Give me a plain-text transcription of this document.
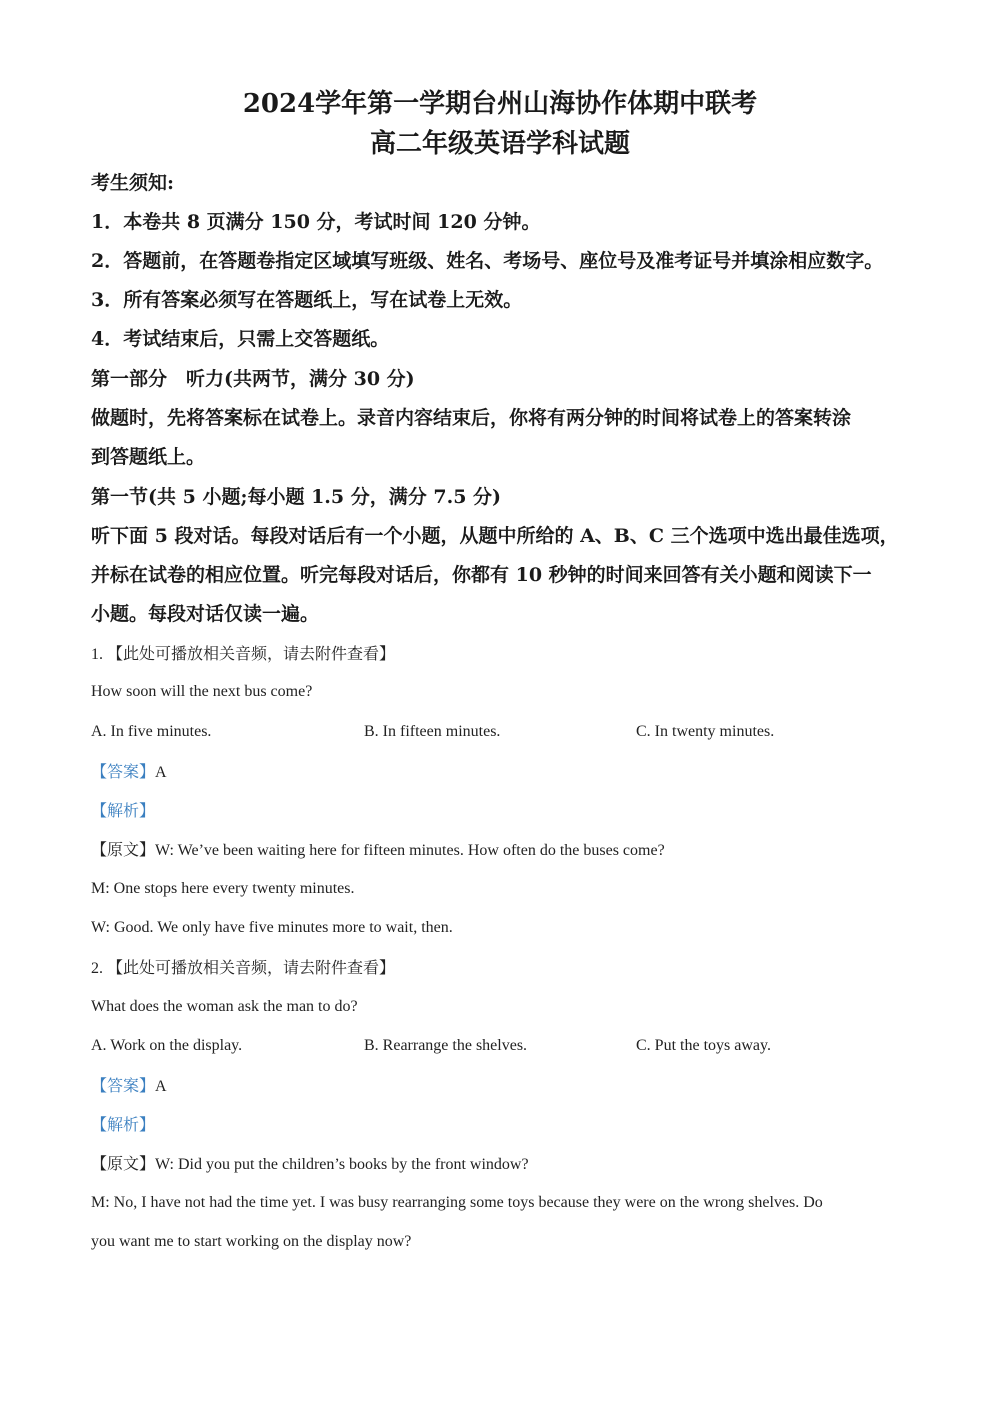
2024学年第一学期台州山海协作体期中联考
高二年级英语学科试题
考生须知:
1．本卷共 8 页满分 150 分，考试时间 120 分钟。
2．答题前，在答题卷指定区域填写班级、姓名、考场号、座位号及准考证号并填涂相应数字。
3．所有答案必须写在答题纸上，写在试卷上无效。
4．考试结束后，只需上交答题纸。
第一部分　听力(共两节，满分 30 分)
做题时，先将答案标在试卷上。录音内容结束后，你将有两分钟的时间将试卷上的答案转涂
到答题纸上。
第一节(共 5 小题;每小题 1.5 分，满分 7.5 分)
听下面 5 段对话。每段对话后有一个小题，从题中所给的 A、B、C 三个选项中选出最佳选项，
并标在试卷的相应位置。听完每段对话后，你都有 10 秒钟的时间来回答有关小题和阅读下一
小题。每段对话仅读一遍。
1. 【此处可播放相关音频，请去附件查看】
How soon will the next bus come?
A. In five minutes.	B. In fifteen minutes.	C. In twenty minutes.
【答案】A
【解析】
【原文】W: We’ve been waiting here for fifteen minutes. How often do the buses come?
M: One stops here every twenty minutes.
W: Good. We only have five minutes more to wait, then.
2. 【此处可播放相关音频，请去附件查看】
What does the woman ask the man to do?
A. Work on the display.	B. Rearrange the shelves.	C. Put the toys away.
【答案】A
【解析】
【原文】W: Did you put the children’s books by the front window?
M: No, I have not had the time yet. I was busy rearranging some toys because they were on the wrong shelves. Do
you want me to start working on the display now?
